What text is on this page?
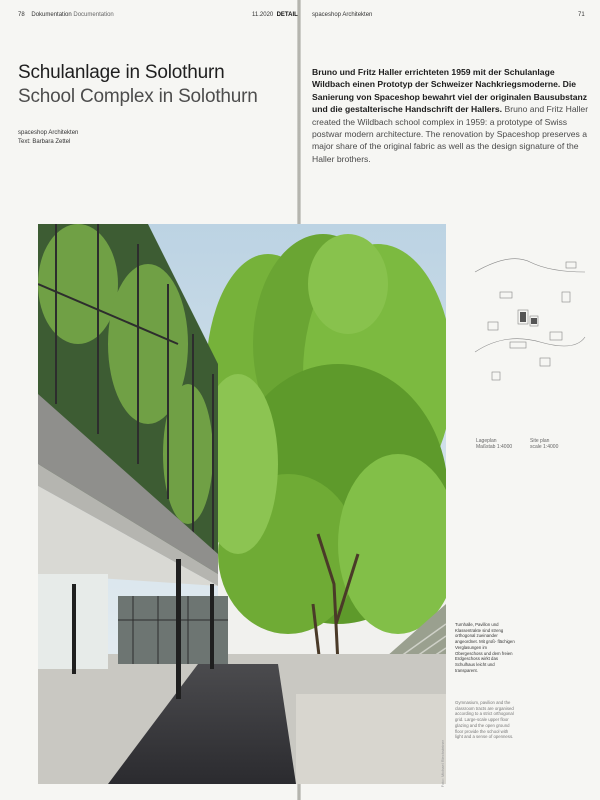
78 Dokumentation Documentation	11.2020 DETAIL spaceshop Architekten	71
Schulanlage in Solothurn
School Complex in Solothurn
spaceshop Architekten
Text: Barbara Zettel

Bruno und Fritz Haller errichteten 1959 mit der Schulanlage Wildbach einen Prototyp der Schweizer Nachkriegsmoderne. Die Sanierung von Spaceshop bewahrt viel der originalen Bausubstanz und die gestalterische Handschrift der Hallers. Bruno and Fritz Haller created the Wildbach school complex in 1959: a prototype of Swiss postwar modern architecture. The renovation by Spaceshop preserves a major share of the original fabric as well as the design signature of the Haller brothers.

Lageplan
Maßstab 1:4000
Site plan
scale 1:4000

Turnhalle, Pavillon und Klassentrakte sind streng orthogonal zueinander angeordnet. Mit groß- flächigen Verglasungen im Obergeschoss und dem freien Erdgeschoss wirkt das Schulhaus leicht und transparent.

Gymnasium, pavilion and the classroom tracts are organised according to a strict orthogonal grid. Large-scale upper floor glazing and the open ground floor provide the school with light and a sense of openness.

Foto: Michael Riechsteiner
